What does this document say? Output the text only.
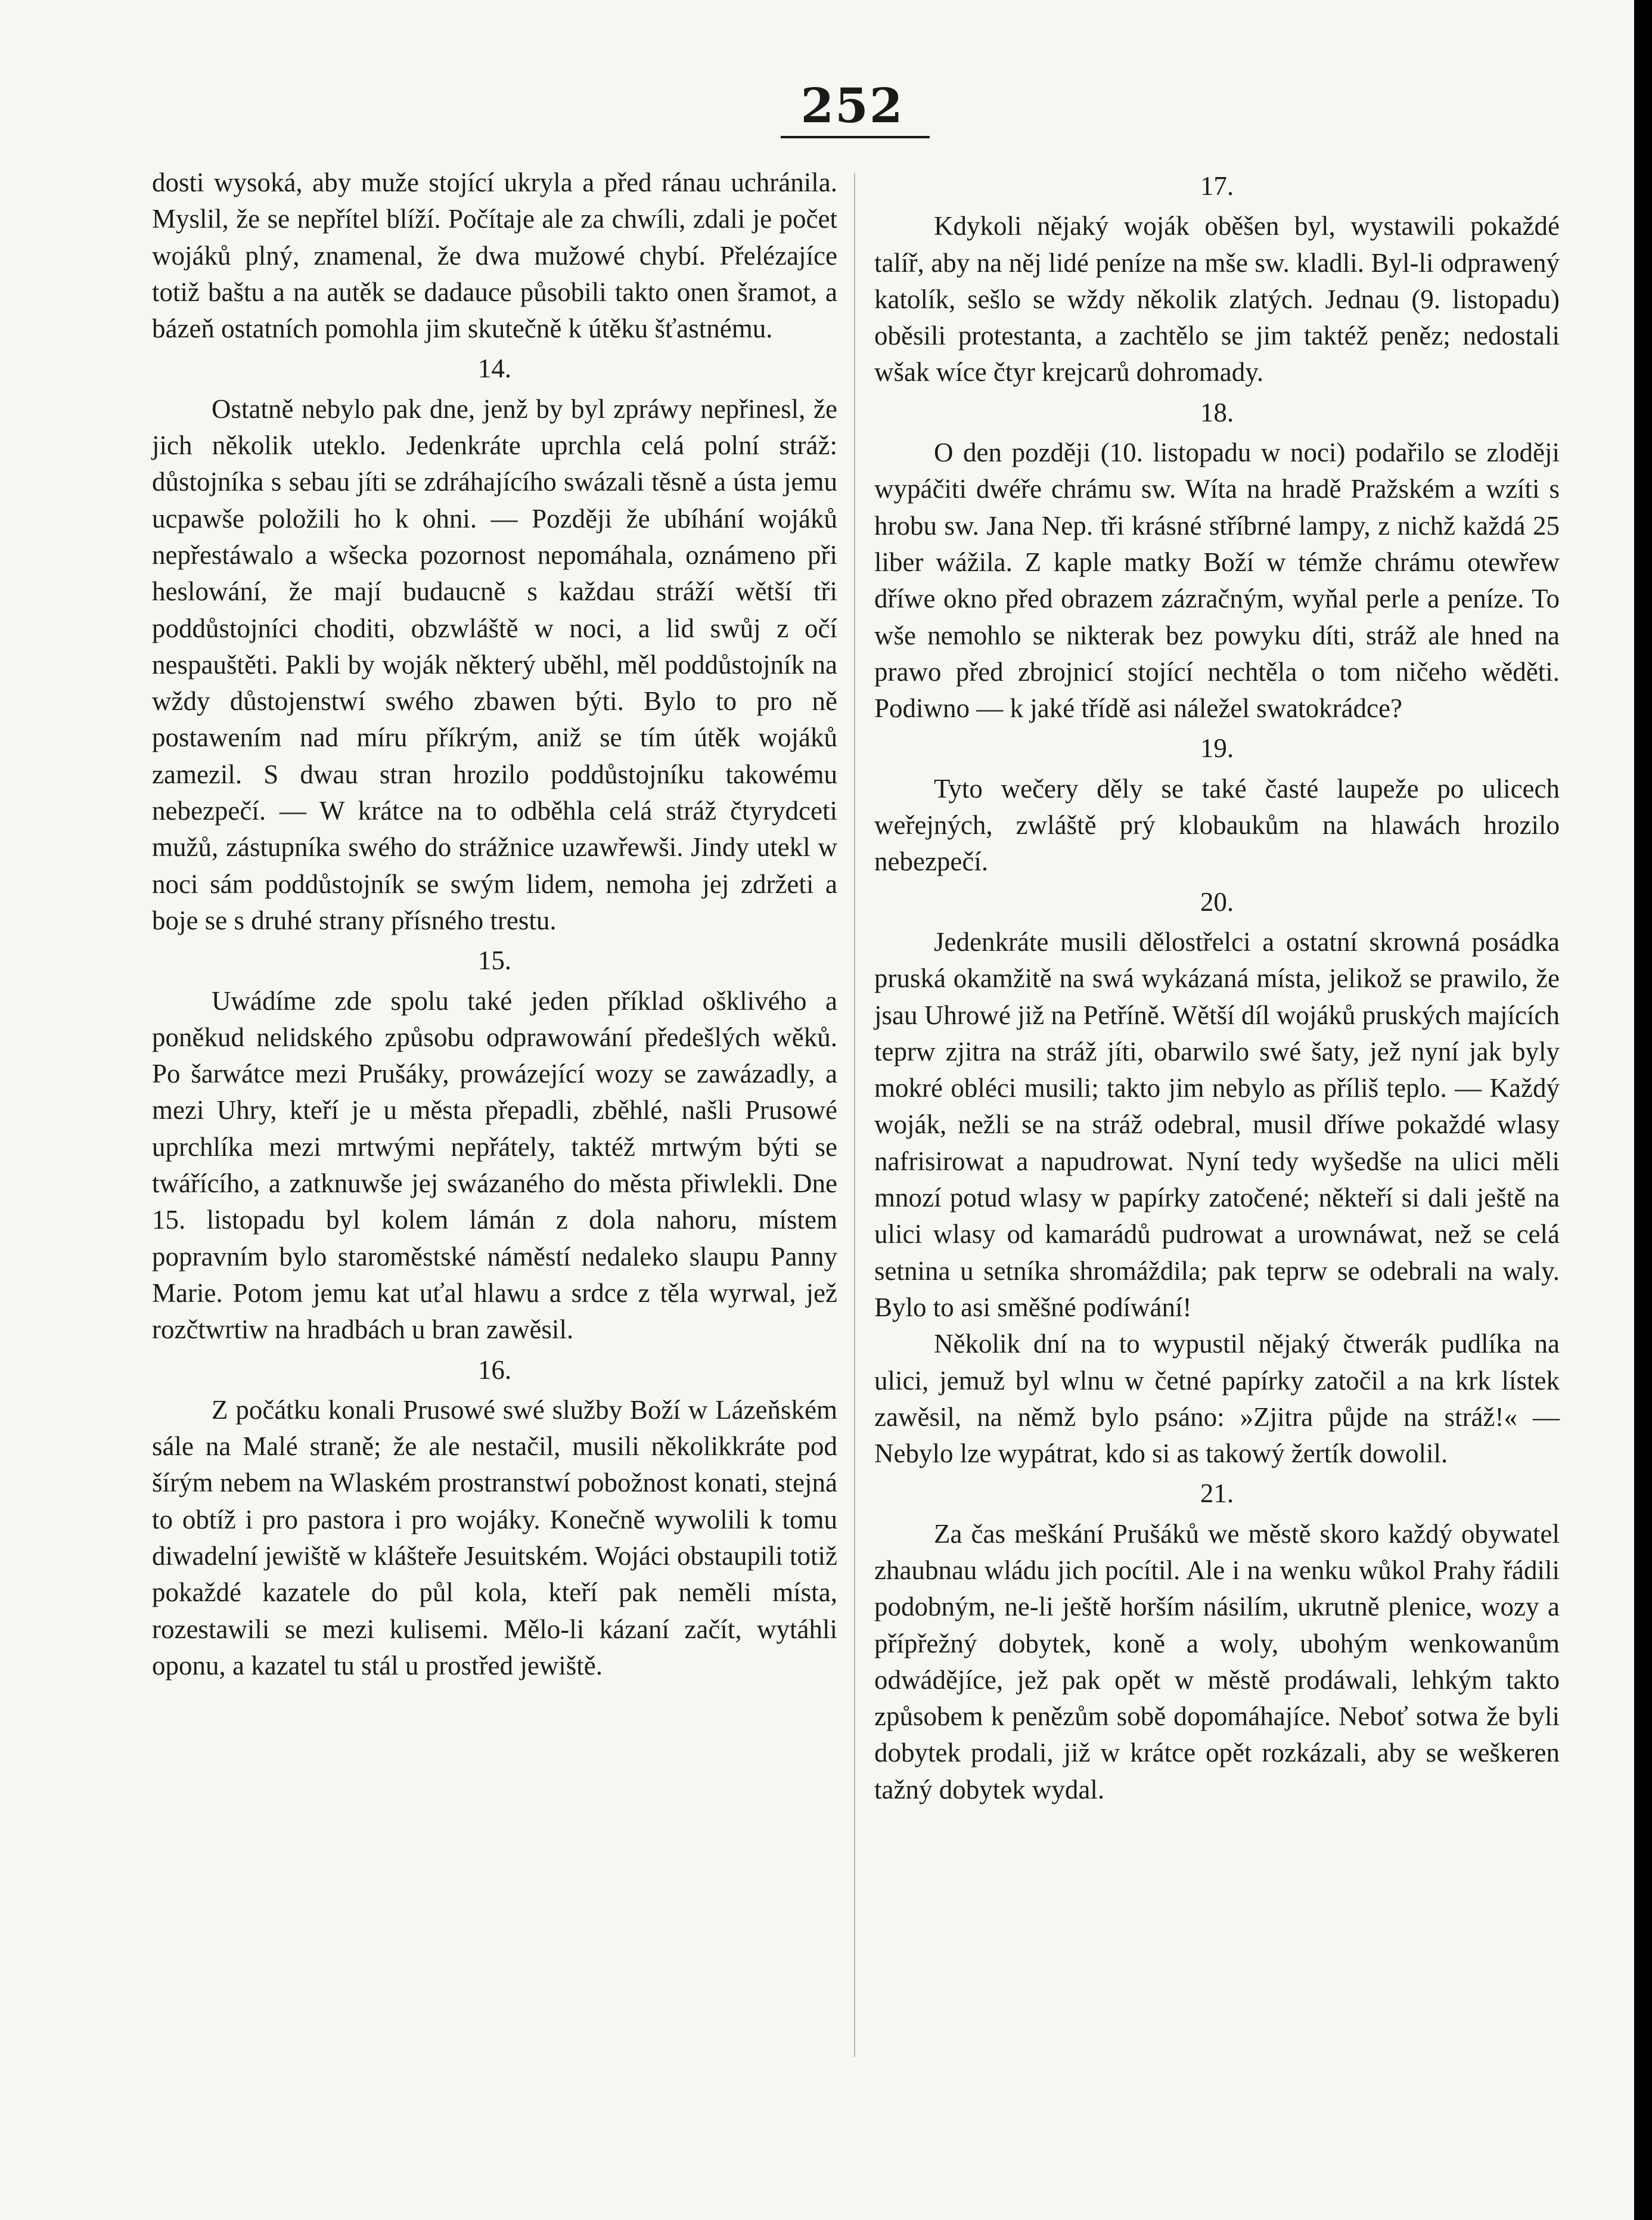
252

dosti wysoká, aby muže stojící ukryla a před ránau uchránila. Myslil, že se nepřítel blíží. Počítaje ale za chwíli, zdali je počet wojáků plný, znamenal, že dwa mužowé chybí. Přelézajíce totiž baštu a na autěk se dadauce působili takto onen šramot, a bázeň ostatních pomohla jim skutečně k útěku šťastnému.

14.

Ostatně nebylo pak dne, jenž by byl zpráwy nepřinesl, že jich několik uteklo. Jedenkráte uprchla celá polní stráž: důstojníka s sebau jíti se zdráhajícího swázali těsně a ústa jemu ucpawše položili ho k ohni. — Později že ubíhání wojáků nepřestáwalo a wšecka pozornost nepomáhala, oznámeno při heslowání, že mají budaucně s každau stráží wětší tři poddůstojníci choditi, obzwláště w noci, a lid swůj z očí nespauštěti. Pakli by woják některý uběhl, měl poddůstojník na wždy důstojenstwí swého zbawen býti. Bylo to pro ně postawením nad míru příkrým, aniž se tím útěk wojáků zamezil. S dwau stran hrozilo poddůstojníku takowému nebezpečí. — W krátce na to odběhla celá stráž čtyrydceti mužů, zástupníka swého do strážnice uzawřewši. Jindy utekl w noci sám poddůstojník se swým lidem, nemoha jej zdržeti a boje se s druhé strany přísného trestu.

15.

Uwádíme zde spolu také jeden příklad ošklivého a poněkud nelidského způsobu odprawowání předešlých wěků. Po šarwátce mezi Prušáky, prowázející wozy se zawázadly, a mezi Uhry, kteří je u města přepadli, zběhlé, našli Prusowé uprchlíka mezi mrtwými nepřátely, taktéž mrtwým býti se twářícího, a zatknuwše jej swázaného do města přiwlekli. Dne 15. listopadu byl kolem lámán z dola nahoru, místem popravním bylo staroměstské náměstí nedaleko slaupu Panny Marie. Potom jemu kat uťal hlawu a srdce z těla wyrwal, jež rozčtwrtiw na hradbách u bran zawěsil.

16.

Z počátku konali Prusowé swé služby Boží w Lázeňském sále na Malé straně; že ale nestačil, musili několikkráte pod šírým nebem na Wlaském prostranstwí pobožnost konati, stejná to obtíž i pro pastora i pro wojáky. Konečně wywolili k tomu diwadelní jewiště w klášteře Jesuitském. Wojáci obstaupili totiž pokaždé kazatele do půl kola, kteří pak neměli místa, rozestawili se mezi kulisemi. Mělo-li kázaní začít, wytáhli oponu, a kazatel tu stál u prostřed jewiště.

17.

Kdykoli nějaký woják oběšen byl, wystawili pokaždé talíř, aby na něj lidé peníze na mše sw. kladli. Byl-li odprawený katolík, sešlo se wždy několik zlatých. Jednau (9. listopadu) oběsili protestanta, a zachtělo se jim taktéž peněz; nedostali wšak wíce čtyr krejcarů dohromady.

18.

O den později (10. listopadu w noci) podařilo se zloději wypáčiti dwéře chrámu sw. Wíta na hradě Pražském a wzíti s hrobu sw. Jana Nep. tři krásné stříbrné lampy, z nichž každá 25 liber wážila. Z kaple matky Boží w témže chrámu otewřew dříwe okno před obrazem zázračným, wyňal perle a peníze. To wše nemohlo se nikterak bez powyku díti, stráž ale hned na prawo před zbrojnicí stojící nechtěla o tom ničeho wěděti. Podiwno — k jaké třídě asi náležel swatokrádce?

19.

Tyto wečery děly se také časté laupeže po ulicech weřejných, zwláště prý klobaukům na hlawách hrozilo nebezpečí.

20.

Jedenkráte musili dělostřelci a ostatní skrowná posádka pruská okamžitě na swá wykázaná místa, jelikož se prawilo, že jsau Uhrowé již na Petříně. Wětší díl wojáků pruských majících teprw zjitra na stráž jíti, obarwilo swé šaty, jež nyní jak byly mokré obléci musili; takto jim nebylo as příliš teplo. — Každý woják, nežli se na stráž odebral, musil dříwe pokaždé wlasy nafrisirowat a napudrowat. Nyní tedy wyšedše na ulici měli mnozí potud wlasy w papírky zatočené; někteří si dali ještě na ulici wlasy od kamarádů pudrowat a urownáwat, než se celá setnina u setníka shromáždila; pak teprw se odebrali na waly. Bylo to asi směšné podíwání!

Několik dní na to wypustil nějaký čtwerák pudlíka na ulici, jemuž byl wlnu w četné papírky zatočil a na krk lístek zawěsil, na němž bylo psáno: »Zjitra půjde na stráž!« — Nebylo lze wypátrat, kdo si as takowý žertík dowolil.

21.

Za čas meškání Prušáků we městě skoro každý obywatel zhaubnau wládu jich pocítil. Ale i na wenku wůkol Prahy řádili podobným, ne-li ještě horším násilím, ukrutně plenice, wozy a přípřežný dobytek, koně a woly, ubohým wenkowanům odwádějíce, jež pak opět w městě prodáwali, lehkým takto způsobem k penězům sobě dopomáhajíce. Neboť sotwa že byli dobytek prodali, již w krátce opět rozkázali, aby se weškeren tažný dobytek wydal.
